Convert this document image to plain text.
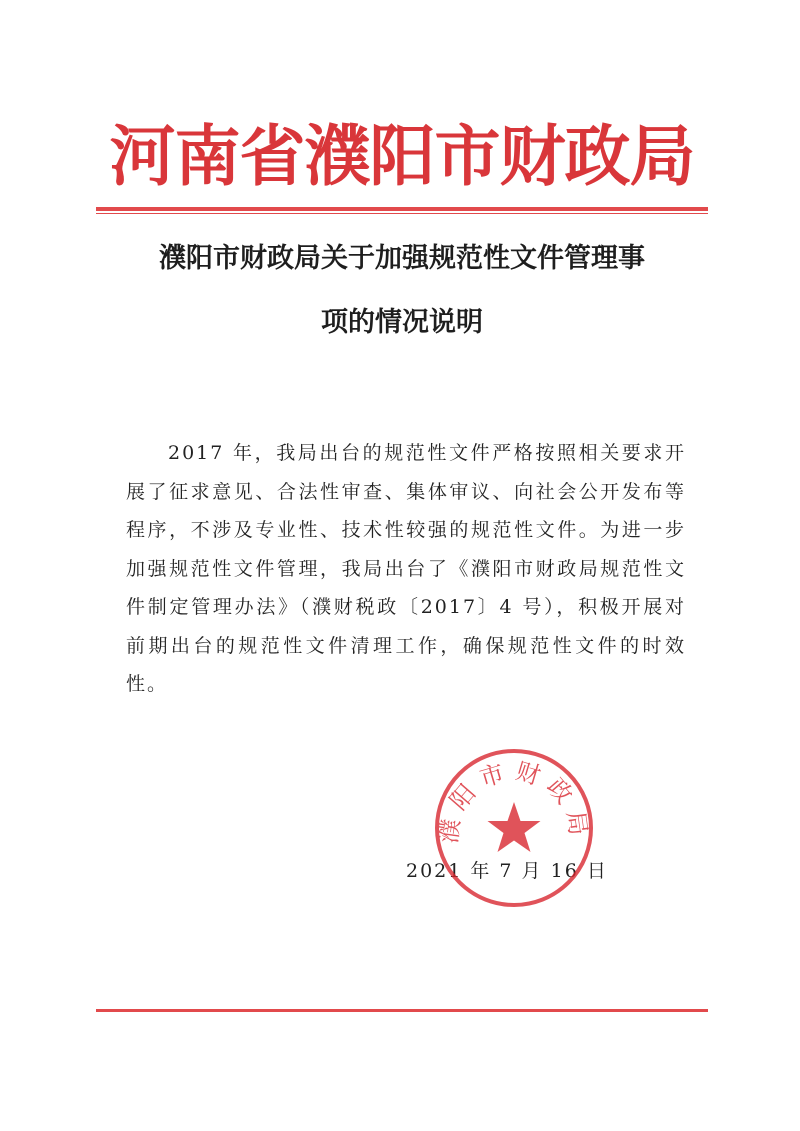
河南省濮阳市财政局
濮阳市财政局关于加强规范性文件管理事
项的情况说明

2017 年，我局出台的规范性文件严格按照相关要求开展了征求意见、合法性审查、集体审议、向社会公开发布等程序，不涉及专业性、技术性较强的规范性文件。为进一步加强规范性文件管理，我局出台了《濮阳市财政局规范性文件制定管理办法》（濮财税政〔2017〕4 号），积极开展对前期出台的规范性文件清理工作，确保规范性文件的时效性。

2021 年 7 月 16 日
濮阳市财政局
